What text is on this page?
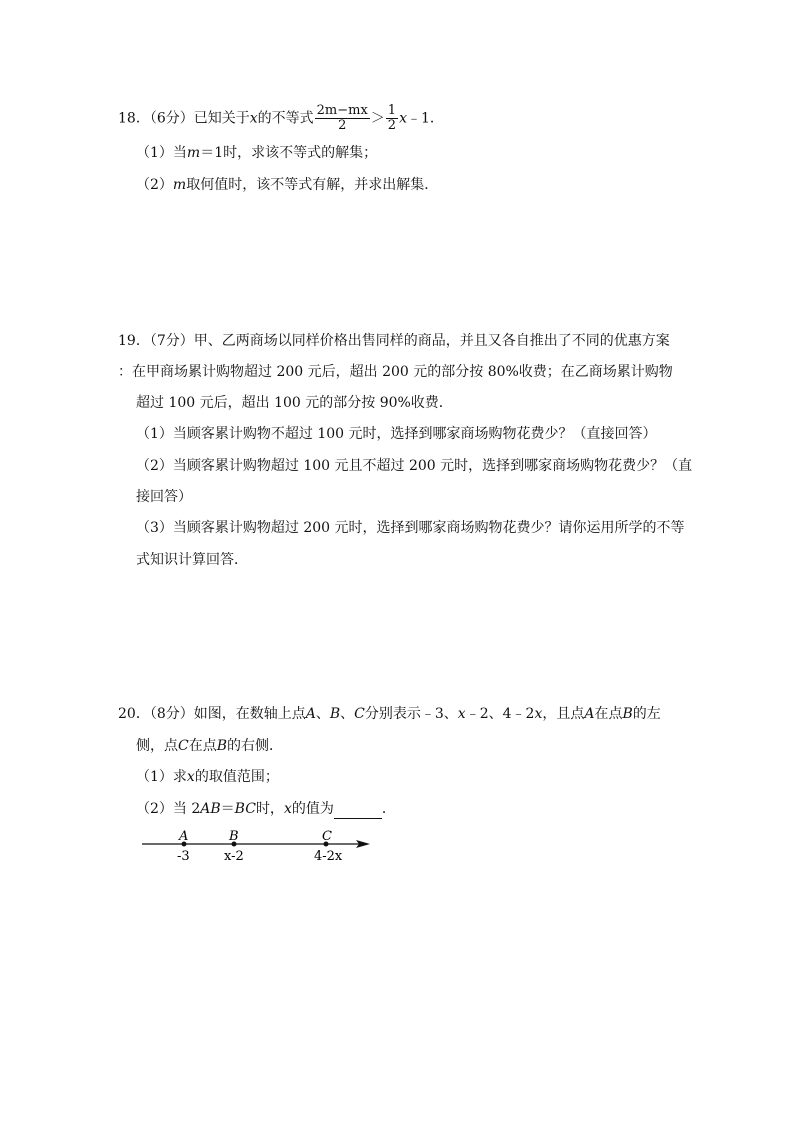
18．（6分）已知关于x的不等式 $\frac{2m-mx}{2} > \frac{1}{2}$ x﹣1．
（1）当m＝1时，求该不等式的解集；
（2）m取何值时，该不等式有解，并求出解集．
19．（7分）甲、乙两商场以同样价格出售同样的商品，并且又各自推出了不同的优惠方案
：在甲商场累计购物超过 200 元后，超出 200 元的部分按 80%收费；在乙商场累计购物
超过 100 元后，超出 100 元的部分按 90%收费．
（1）当顾客累计购物不超过 100 元时，选择到哪家商场购物花费少？（直接回答）
（2）当顾客累计购物超过 100 元且不超过 200 元时，选择到哪家商场购物花费少？（直
接回答）
（3）当顾客累计购物超过 200 元时，选择到哪家商场购物花费少？请你运用所学的不等
式知识计算回答．
20．（8分）如图，在数轴上点A、B、C分别表示﹣3、x﹣2、4﹣2x，且点A在点B的左
侧，点C在点B的右侧．
（1）求x的取值范围；
（2）当 2AB＝BC时，x的值为	．
A	B	C
-3	x-2	4-2x
